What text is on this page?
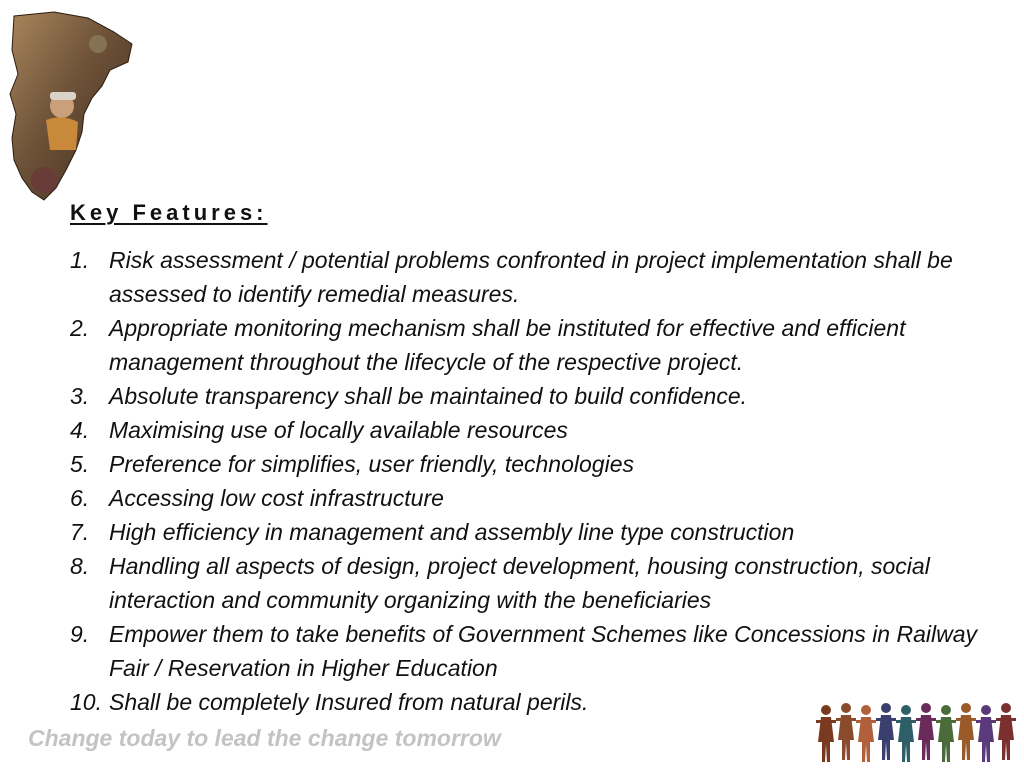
Key Features:
1. Risk assessment / potential problems confronted in project implementation shall be assessed to identify remedial measures.
2. Appropriate monitoring mechanism shall be instituted for effective and efficient management throughout the lifecycle of the respective project.
3. Absolute transparency shall be maintained to build confidence.
4. Maximising use of locally available resources
5. Preference for simplifies, user friendly, technologies
6. Accessing low cost infrastructure
7. High efficiency in management and assembly line type construction
8. Handling all aspects of design, project development, housing construction, social interaction and community organizing with the beneficiaries
9. Empower them to take benefits of Government Schemes like Concessions in Railway Fair / Reservation in Higher Education
10. Shall be completely Insured from natural perils.
Change today to lead the change tomorrow
